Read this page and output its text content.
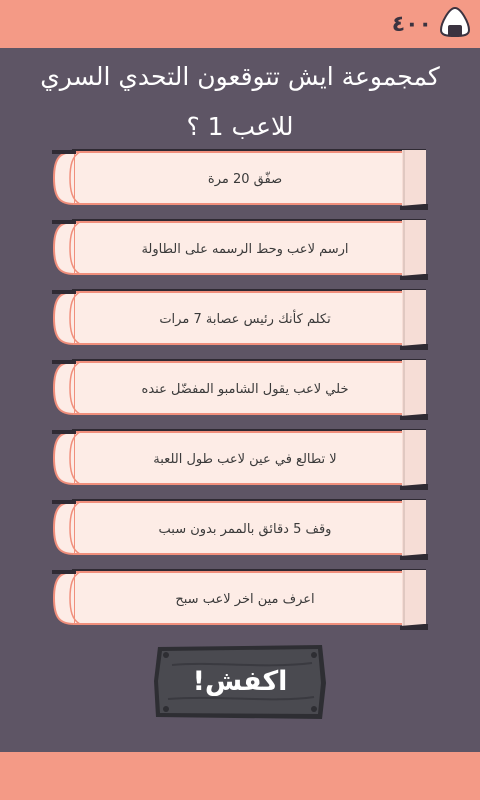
٤٠٠
كمجموعة ايش تتوقعون التحدي السري للاعب 1 ؟
صفّق 20 مرة
ارسم لاعب وحط الرسمه على الطاولة
تكلم كأنك رئيس عصابة 7 مرات
خلي لاعب يقول الشامبو المفضّل عنده
لا تطالع في عين لاعب طول اللعبة
وقف 5 دقائق بالممر بدون سبب
اعرف مين اخر لاعب سبح
اكفش!
